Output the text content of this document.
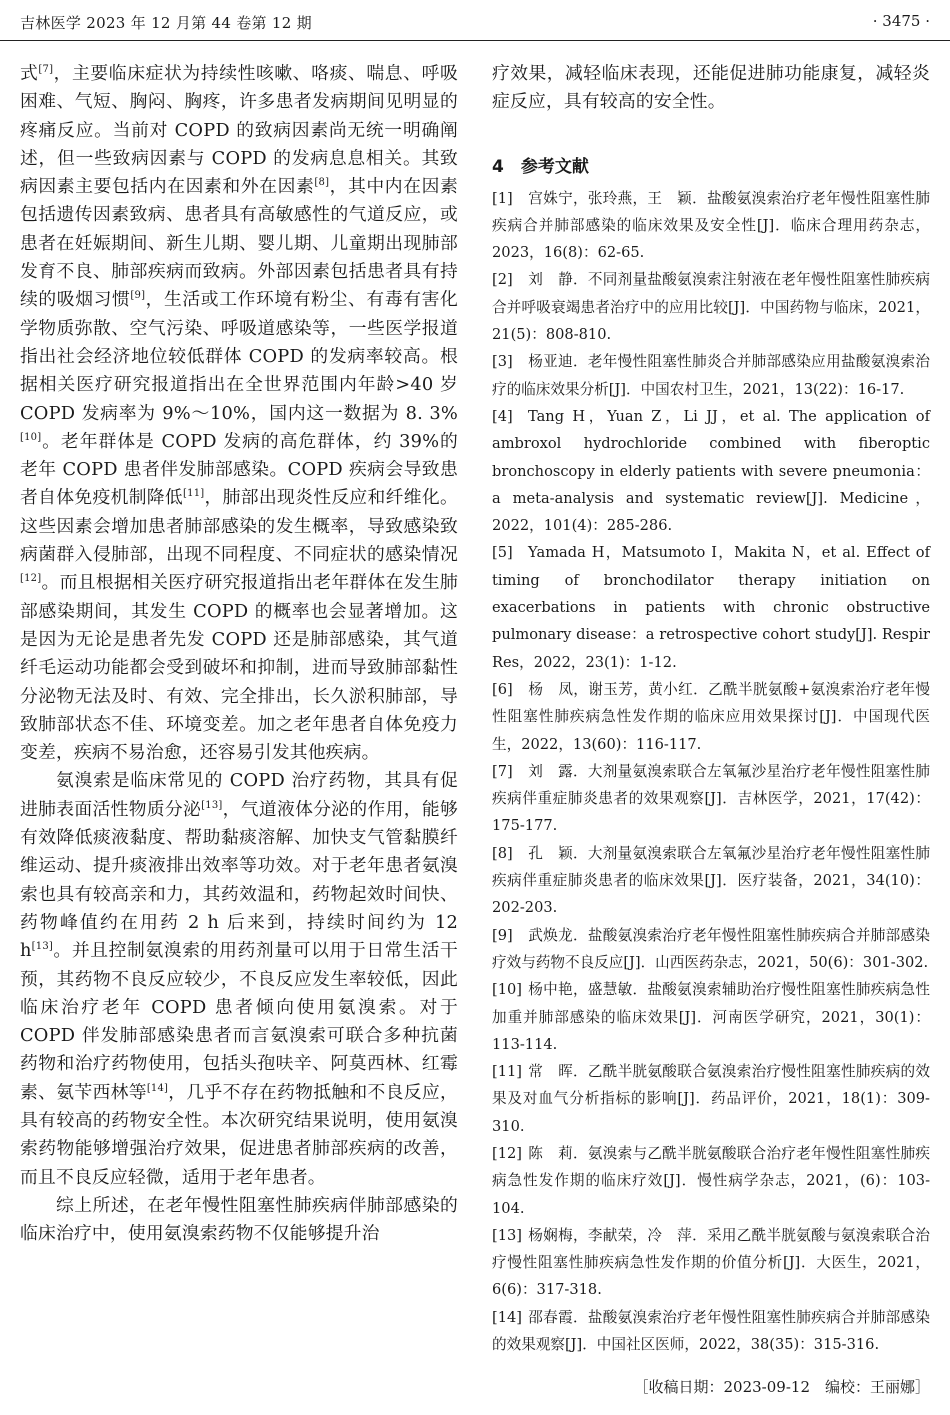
吉林医学 2023 年 12 月第 44 卷第 12 期	· 3475 ·

式[7]，主要临床症状为持续性咳嗽、咯痰、喘息、呼吸困难、气短、胸闷、胸疼，许多患者发病期间见明显的疼痛反应。当前对 COPD 的致病因素尚无统一明确阐述，但一些致病因素与 COPD 的发病息息相关。其致病因素主要包括内在因素和外在因素[8]，其中内在因素包括遗传因素致病、患者具有高敏感性的气道反应，或患者在妊娠期间、新生儿期、婴儿期、儿童期出现肺部发育不良、肺部疾病而致病。外部因素包括患者具有持续的吸烟习惯[9]，生活或工作环境有粉尘、有毒有害化学物质弥散、空气污染、呼吸道感染等，一些医学报道指出社会经济地位较低群体 COPD 的发病率较高。根据相关医疗研究报道指出在全世界范围内年龄>40 岁 COPD 发病率为 9%～10%，国内这一数据为 8. 3%[10]。老年群体是 COPD 发病的高危群体，约 39%的老年 COPD 患者伴发肺部感染。COPD 疾病会导致患者自体免疫机制降低[11]，肺部出现炎性反应和纤维化。这些因素会增加患者肺部感染的发生概率，导致感染致病菌群入侵肺部，出现不同程度、不同症状的感染情况[12]。而且根据相关医疗研究报道指出老年群体在发生肺部感染期间，其发生 COPD 的概率也会显著增加。这是因为无论是患者先发 COPD 还是肺部感染，其气道纤毛运动功能都会受到破坏和抑制，进而导致肺部黏性分泌物无法及时、有效、完全排出，长久淤积肺部，导致肺部状态不佳、环境变差。加之老年患者自体免疫力变差，疾病不易治愈，还容易引发其他疾病。

氨溴索是临床常见的 COPD 治疗药物，其具有促进肺表面活性物质分泌[13]，气道液体分泌的作用，能够有效降低痰液黏度、帮助黏痰溶解、加快支气管黏膜纤维运动、提升痰液排出效率等功效。对于老年患者氨溴索也具有较高亲和力，其药效温和，药物起效时间快、药物峰值约在用药 2 h 后来到，持续时间约为 12 h[13]。并且控制氨溴索的用药剂量可以用于日常生活干预，其药物不良反应较少，不良反应发生率较低，因此临床治疗老年 COPD 患者倾向使用氨溴索。对于 COPD 伴发肺部感染患者而言氨溴索可联合多种抗菌药物和治疗药物使用，包括头孢呋辛、阿莫西林、红霉素、氨苄西林等[14]，几乎不存在药物抵触和不良反应，具有较高的药物安全性。本次研究结果说明，使用氨溴索药物能够增强治疗效果，促进患者肺部疾病的改善，而且不良反应轻微，适用于老年患者。

综上所述，在老年慢性阻塞性肺疾病伴肺部感染的临床治疗中，使用氨溴索药物不仅能够提升治

疗效果，减轻临床表现，还能促进肺功能康复，减轻炎症反应，具有较高的安全性。

4　参考文献

[1] 宫姝宁，张玲燕，王　颖．盐酸氨溴索治疗老年慢性阻塞性肺疾病合并肺部感染的临床效果及安全性[J]．临床合理用药杂志，2023，16(8)：62-65.

[2] 刘　静．不同剂量盐酸氨溴索注射液在老年慢性阻塞性肺疾病合并呼吸衰竭患者治疗中的应用比较[J]．中国药物与临床，2021，21(5)：808-810.

[3] 杨亚迪．老年慢性阻塞性肺炎合并肺部感染应用盐酸氨溴索治疗的临床效果分析[J]．中国农村卫生，2021，13(22)：16-17.

[4] Tang H，Yuan Z，Li JJ，et al. The application of ambroxol hydrochloride combined with fiberoptic bronchoscopy in elderly patients with severe pneumonia：a meta-analysis and systematic review[J]. Medicine，2022，101(4)：285-286.

[5] Yamada H，Matsumoto I，Makita N，et al. Effect of timing of bronchodilator therapy initiation on exacerbations in patients with chronic obstructive pulmonary disease：a retrospective cohort study[J]. Respir Res，2022，23(1)：1-12.

[6] 杨　凤，谢玉芳，黄小红．乙酰半胱氨酸+氨溴索治疗老年慢性阻塞性肺疾病急性发作期的临床应用效果探讨[J]．中国现代医生，2022，13(60)：116-117.

[7] 刘　露．大剂量氨溴索联合左氧氟沙星治疗老年慢性阻塞性肺疾病伴重症肺炎患者的效果观察[J]．吉林医学，2021，17(42)：175-177.

[8] 孔　颖．大剂量氨溴索联合左氧氟沙星治疗老年慢性阻塞性肺疾病伴重症肺炎患者的临床效果[J]．医疗装备，2021，34(10)：202-203.

[9] 武焕龙．盐酸氨溴索治疗老年慢性阻塞性肺疾病合并肺部感染疗效与药物不良反应[J]．山西医药杂志，2021，50(6)：301-302.

[10] 杨中艳，盛慧敏．盐酸氨溴索辅助治疗慢性阻塞性肺疾病急性加重并肺部感染的临床效果[J]．河南医学研究，2021，30(1)：113-114.

[11] 常　晖．乙酰半胱氨酸联合氨溴索治疗慢性阻塞性肺疾病的效果及对血气分析指标的影响[J]．药品评价，2021，18(1)：309-310.

[12] 陈　莉．氨溴索与乙酰半胱氨酸联合治疗老年慢性阻塞性肺疾病急性发作期的临床疗效[J]．慢性病学杂志，2021，(6)：103-104.

[13] 杨娴梅，李献荣，冷　萍．采用乙酰半胱氨酸与氨溴索联合治疗慢性阻塞性肺疾病急性发作期的价值分析[J]．大医生，2021，6(6)：317-318.

[14] 邵春霞．盐酸氨溴索治疗老年慢性阻塞性肺疾病合并肺部感染的效果观察[J]．中国社区医师，2022，38(35)：315-316.

［收稿日期：2023-09-12　编校：王丽娜］
